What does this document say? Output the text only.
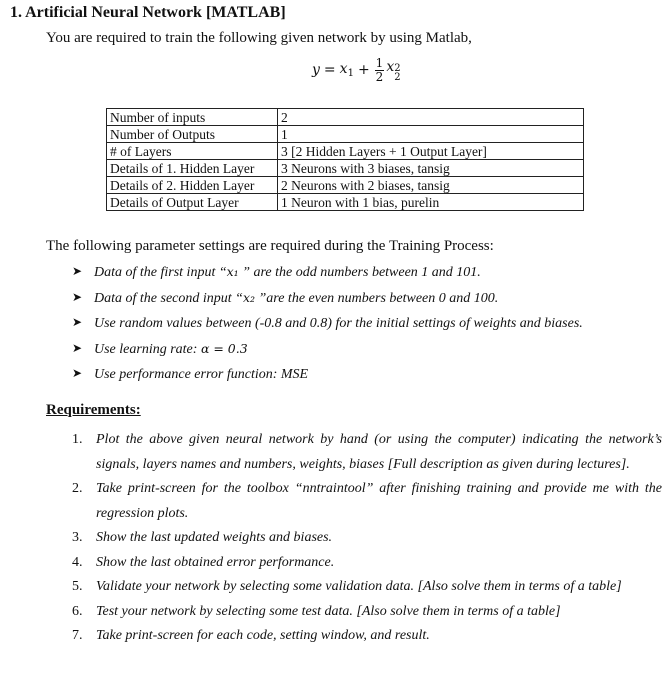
1. Artificial Neural Network [MATLAB]
You are required to train the following given network by using Matlab,
$y = x_1 + \frac{1}{2}$ x 2
2
Number of inputs	2
Number of Outputs	1
# of Layers	3 [2 Hidden Layers + 1 Output Layer]
Details of 1. Hidden Layer	3 Neurons with 3 biases, tansig
Details of 2. Hidden Layer	2 Neurons with 2 biases, tansig
Details of Output Layer	1 Neuron with 1 bias, purelin
The following parameter settings are required during the Training Process:
➤ Data of the first input “x₁ ” are the odd numbers between 1 and 101.
➤ Data of the second input “x₂ ”are the even numbers between 0 and 100.
➤ Use random values between (-0.8 and 0.8) for the initial settings of weights and biases.
➤ Use learning rate: α = 0.3
➤ Use performance error function: MSE
Requirements:
1. Plot the above given neural network by hand (or using the computer) indicating the network’s signals, layers names and numbers, weights, biases [Full description as given during lectures].
2. Take print-screen for the toolbox “nntraintool” after finishing training and provide me with the regression plots.
3. Show the last updated weights and biases.
4. Show the last obtained error performance.
5. Validate your network by selecting some validation data. [Also solve them in terms of a table]
6. Test your network by selecting some test data. [Also solve them in terms of a table]
7. Take print-screen for each code, setting window, and result.
